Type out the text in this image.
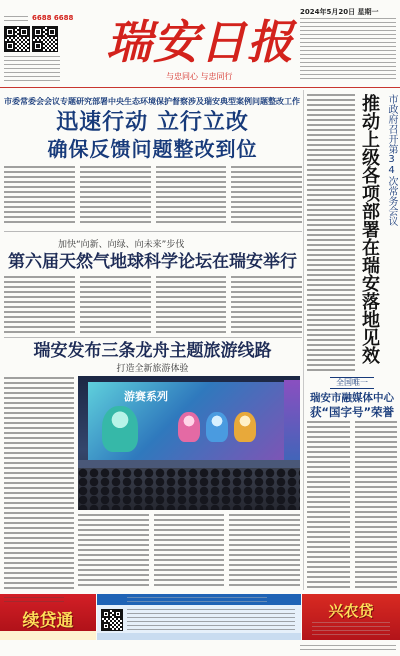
6688 6688 瑞安日报
与忠同心 与忠同行
2024年5月20日 星期一
市委常委会会议专题研究部署中央生态环境保护督察涉及瑞安典型案例问题整改工作
迅速行动 立行立改
确保反馈问题整改到位	推动上级各项部署在瑞安落地见效 市政府召开第34次常务会议
加快“向新、向绿、向未来”步伐
第六届天然气地球科学论坛在瑞安举行
瑞安发布三条龙舟主题旅游线路
打造全新旅游体验
游赛系列
全国唯一
瑞安市融媒体中心
获“国字号”荣誉
续贷通	兴农贷
